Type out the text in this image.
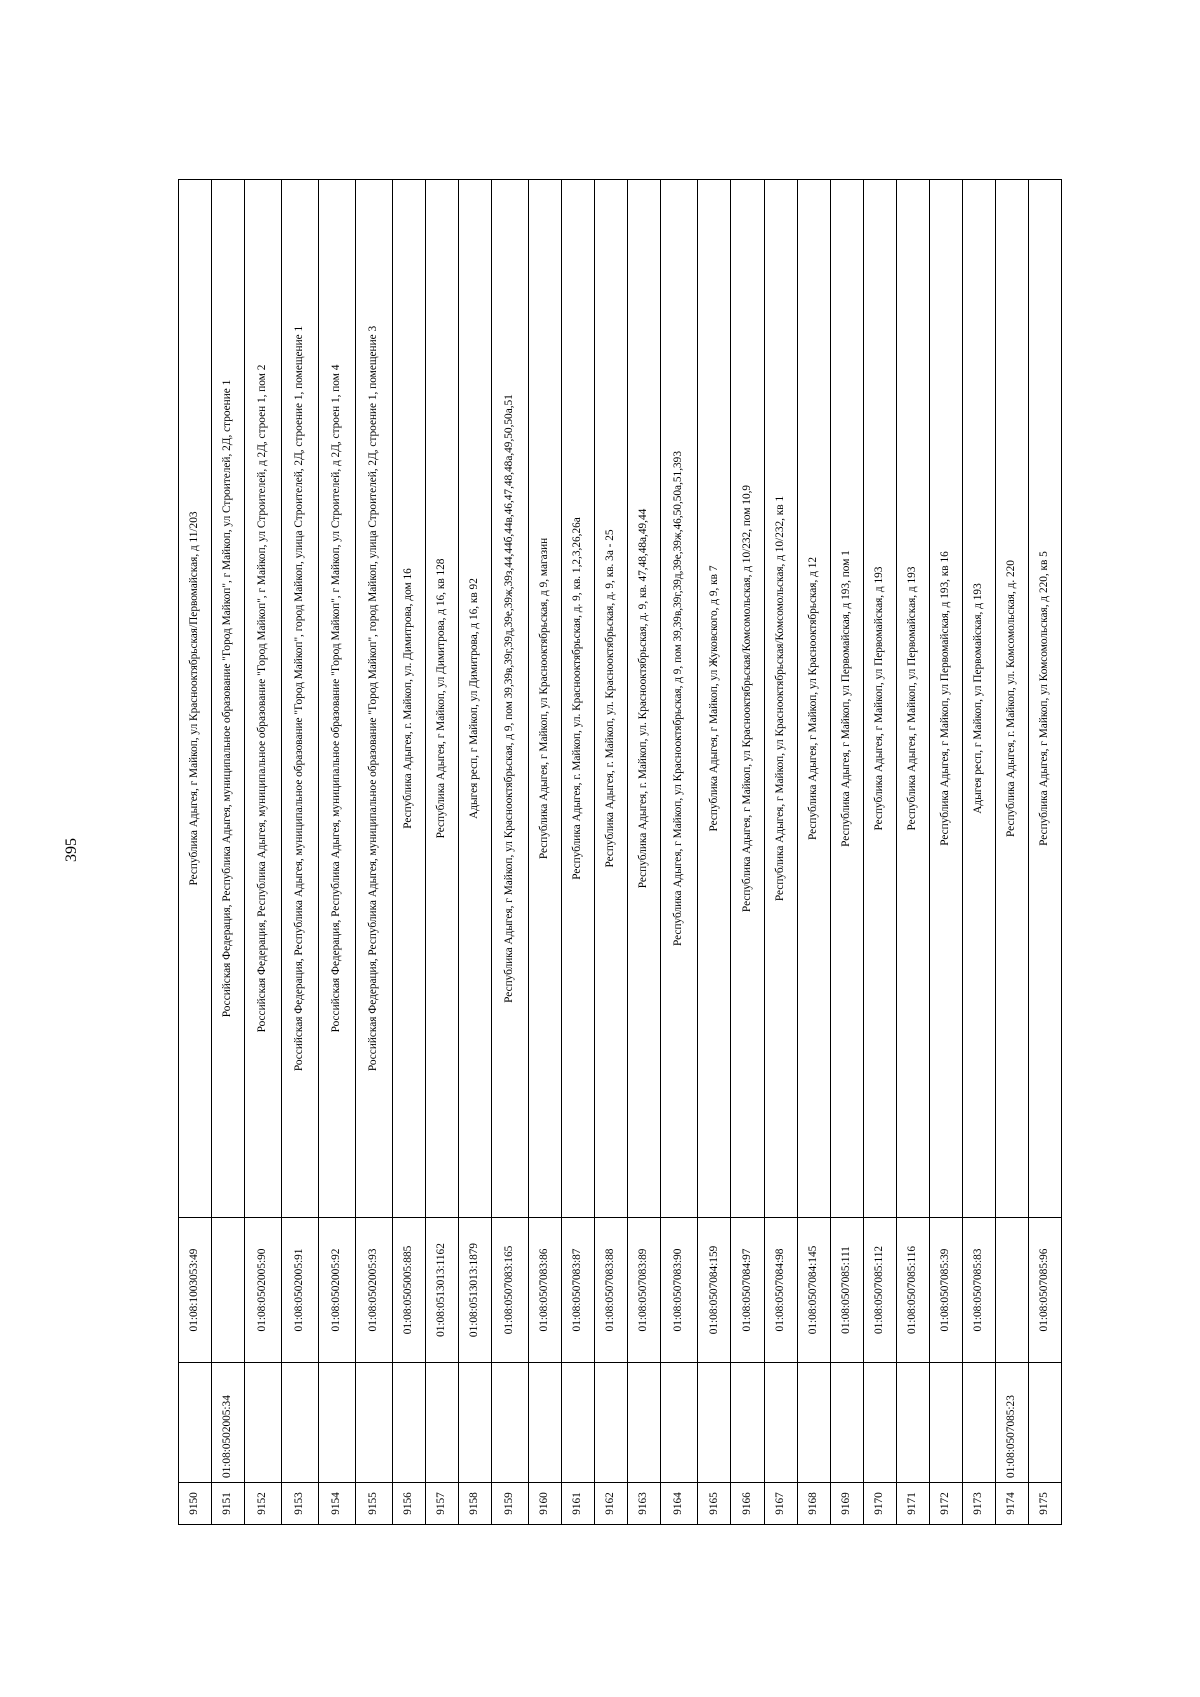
395
9150		01:08:1003053:49	Республика Адыгея, г Майкоп, ул Краснооктябрьская/Первомайская, д 11/203
9151	01:08:0502005:34		Российская Федерация, Республика Адыгея, муниципальное образование "Город Майкоп", г Майкоп, ул Строителей, 2Д, строение 1
9152		01:08:0502005:90	Российская Федерация, Республика Адыгея, муниципальное образование "Город Майкоп", г Майкоп, ул Строителей, д 2Д, строен 1, пом 2
9153		01:08:0502005:91	Российская Федерация, Республика Адыгея, муниципальное образование "Город Майкоп", город Майкоп, улица Строителей, 2Д, строение 1, помещение 1
9154		01:08:0502005:92	Российская Федерация, Республика Адыгея, муниципальное образование "Город Майкоп", г Майкоп, ул Строителей, д 2Д, строен 1, пом 4
9155		01:08:0502005:93	Российская Федерация, Республика Адыгея, муниципальное образование "Город Майкоп", город Майкоп, улица Строителей, 2Д, строение 1, помещение 3
9156		01:08:0505005:885	Республика Адыгея, г. Майкоп, ул. Димитрова, дом 16
9157		01:08:0513013:1162	Республика Адыгея, г Майкоп, ул Димитрова, д 16, кв 128
9158		01:08:0513013:1879	Адыгея респ, г Майкоп, ул Димитрова, д 16, кв 92
9159		01:08:0507083:165	Республика Адыгея, г Майкоп, ул Краснооктябрьская, д 9, пом 39,39в,39г,39д,39е,39ж,39з,44,44б,44в,46,47,48,48а,49,50,50а,51
9160		01:08:0507083:86	Республика Адыгея, г Майкоп, ул Краснооктябрьская, д 9, магазин
9161		01:08:0507083:87	Республика Адыгея, г. Майкоп, ул. Краснооктябрьская, д. 9, кв. 1,2,3,26,26а
9162		01:08:0507083:88	Республика Адыгея, г. Майкоп, ул. Краснооктябрьская, д. 9, кв. 3а - 25
9163		01:08:0507083:89	Республика Адыгея, г. Майкоп, ул. Краснооктябрьская, д. 9, кв. 47,48,48а,49,44
9164		01:08:0507083:90	Республика Адыгея, г Майкоп, ул Краснооктябрьская, д 9, пом 39,39в,39г,39д,39е,39ж,46,50,50а,51,393
9165		01:08:0507084:159	Республика Адыгея, г Майкоп, ул Жуковского, д 9, кв 7
9166		01:08:0507084:97	Республика Адыгея, г Майкоп, ул Краснооктябрьская/Комсомольская, д 10/232, пом 10,9
9167		01:08:0507084:98	Республика Адыгея, г Майкоп, ул Краснооктябрьская/Комсомольская, д 10/232, кв 1
9168		01:08:0507084:145	Республика Адыгея, г Майкоп, ул Краснооктябрьская, д 12
9169		01:08:0507085:111	Республика Адыгея, г Майкоп, ул Первомайская, д 193, пом 1
9170		01:08:0507085:112	Республика Адыгея, г Майкоп, ул Первомайская, д 193
9171		01:08:0507085:116	Республика Адыгея, г Майкоп, ул Первомайская, д 193
9172		01:08:0507085:39	Республика Адыгея, г Майкоп, ул Первомайская, д 193, кв 16
9173		01:08:0507085:83	Адыгея респ, г Майкоп, ул Первомайская, д 193
9174	01:08:0507085:23		Республика Адыгея, г. Майкоп, ул. Комсомольская, д. 220
9175		01:08:0507085:96	Республика Адыгея, г Майкоп, ул Комсомольская, д 220, кв 5
